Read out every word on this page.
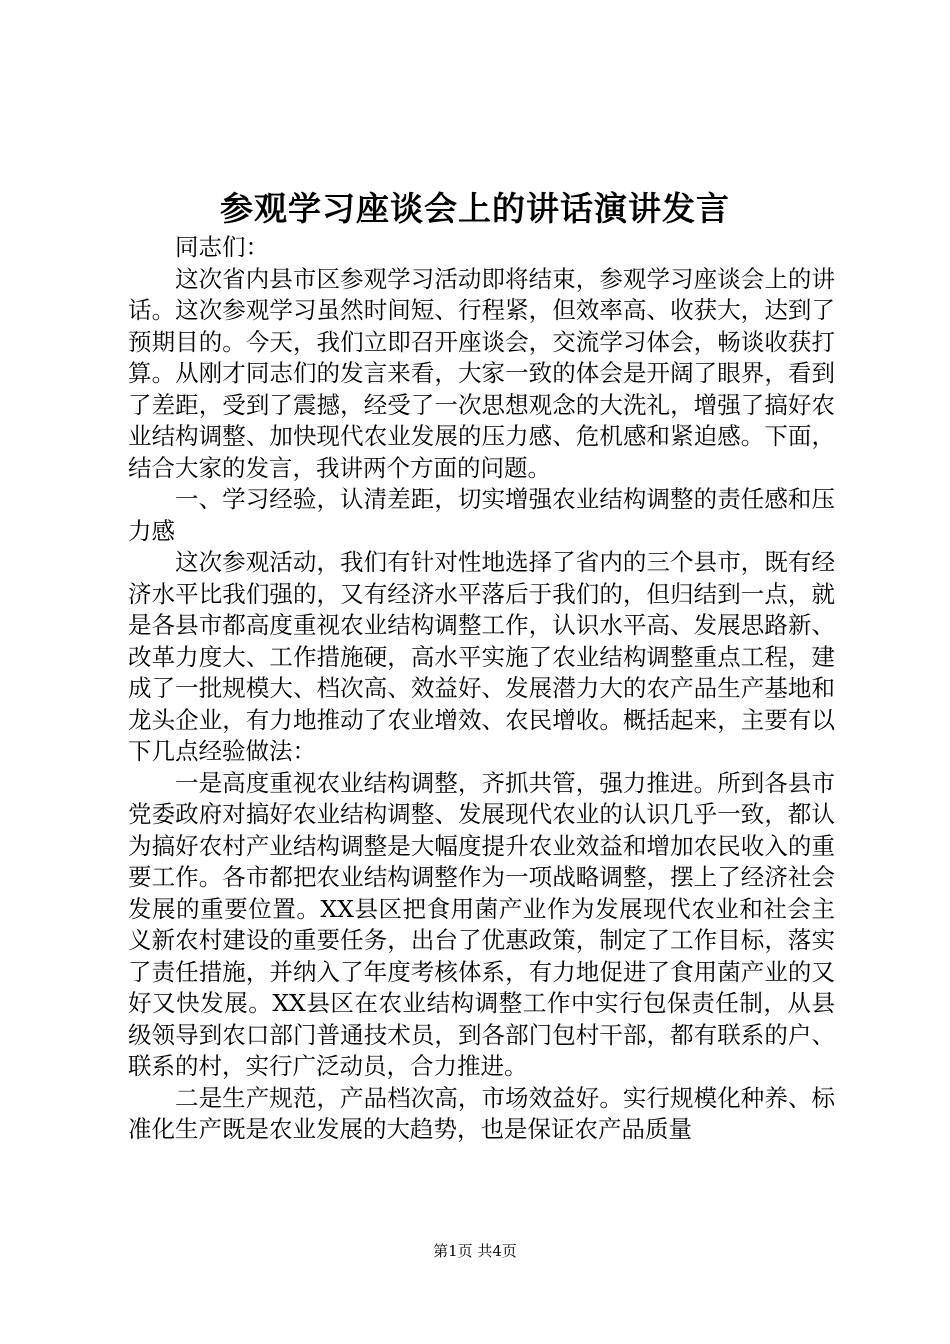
参观学习座谈会上的讲话演讲发言

同志们：

这次省内县市区参观学习活动即将结束，参观学习座谈会上的讲话。这次参观学习虽然时间短、行程紧，但效率高、收获大，达到了预期目的。今天，我们立即召开座谈会，交流学习体会，畅谈收获打算。从刚才同志们的发言来看，大家一致的体会是开阔了眼界，看到了差距，受到了震撼，经受了一次思想观念的大洗礼，增强了搞好农业结构调整、加快现代农业发展的压力感、危机感和紧迫感。下面，结合大家的发言，我讲两个方面的问题。

一、学习经验，认清差距，切实增强农业结构调整的责任感和压力感

这次参观活动，我们有针对性地选择了省内的三个县市，既有经济水平比我们强的，又有经济水平落后于我们的，但归结到一点，就是各县市都高度重视农业结构调整工作，认识水平高、发展思路新、改革力度大、工作措施硬，高水平实施了农业结构调整重点工程，建成了一批规模大、档次高、效益好、发展潜力大的农产品生产基地和龙头企业，有力地推动了农业增效、农民增收。概括起来，主要有以下几点经验做法：

一是高度重视农业结构调整，齐抓共管，强力推进。所到各县市党委政府对搞好农业结构调整、发展现代农业的认识几乎一致，都认为搞好农村产业结构调整是大幅度提升农业效益和增加农民收入的重要工作。各市都把农业结构调整作为一项战略调整，摆上了经济社会发展的重要位置。XX县区把食用菌产业作为发展现代农业和社会主义新农村建设的重要任务，出台了优惠政策，制定了工作目标，落实了责任措施，并纳入了年度考核体系，有力地促进了食用菌产业的又好又快发展。XX县区在农业结构调整工作中实行包保责任制，从县级领导到农口部门普通技术员，到各部门包村干部，都有联系的户、联系的村，实行广泛动员，合力推进。

二是生产规范，产品档次高，市场效益好。实行规模化种养、标准化生产既是农业发展的大趋势，也是保证农产品质量

第1页 共4页
